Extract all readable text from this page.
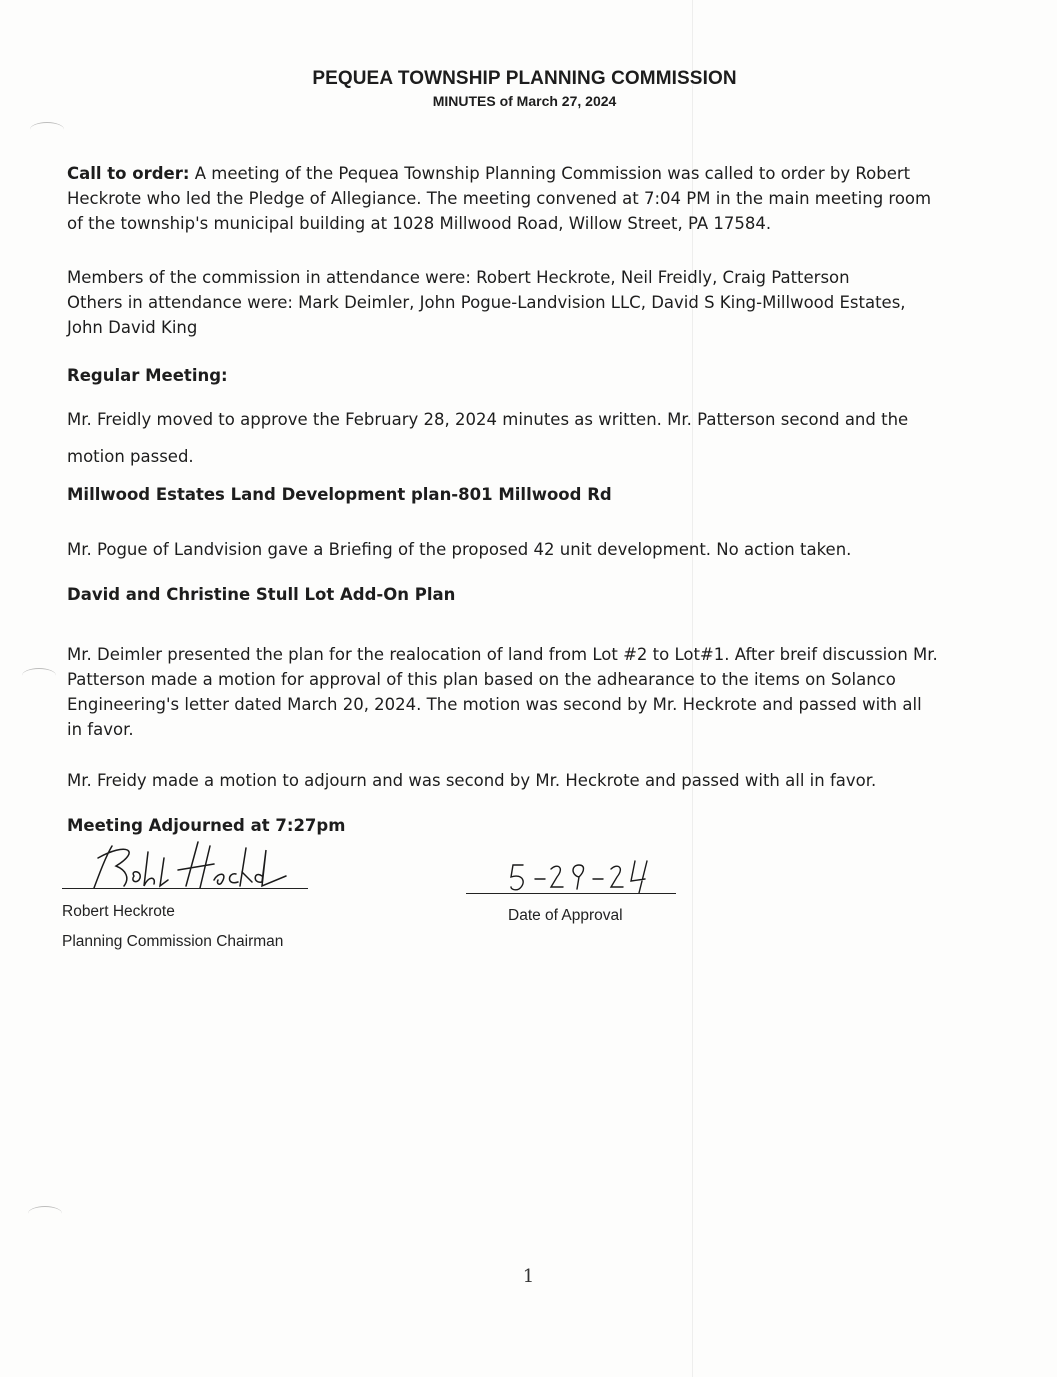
PEQUEA TOWNSHIP PLANNING COMMISSION
MINUTES of March 27, 2024

Call to order: A meeting of the Pequea Township Planning Commission was called to order by Robert
Heckrote who led the Pledge of Allegiance. The meeting convened at 7:04 PM in the main meeting room
of the township's municipal building at 1028 Millwood Road, Willow Street, PA 17584.

Members of the commission in attendance were: Robert Heckrote, Neil Freidly, Craig Patterson
Others in attendance were: Mark Deimler, John Pogue-Landvision LLC, David S King-Millwood Estates,
John David King

Regular Meeting:

Mr. Freidly moved to approve the February 28, 2024 minutes as written. Mr. Patterson second and the

motion passed.

Millwood Estates Land Development plan-801 Millwood Rd

Mr. Pogue of Landvision gave a Briefing of the proposed 42 unit development. No action taken.

David and Christine Stull Lot Add-On Plan

Mr. Deimler presented the plan for the realocation of land from Lot #2 to Lot#1. After breif discussion Mr.
Patterson made a motion for approval of this plan based on the adhearance to the items on Solanco
Engineering's letter dated March 20, 2024. The motion was second by Mr. Heckrote and passed with all
in favor.

Mr. Freidy made a motion to adjourn and was second by Mr. Heckrote and passed with all in favor.

Meeting Adjourned at 7:27pm

Robert Heckrote
Planning Commission Chairman
Date of Approval
1
